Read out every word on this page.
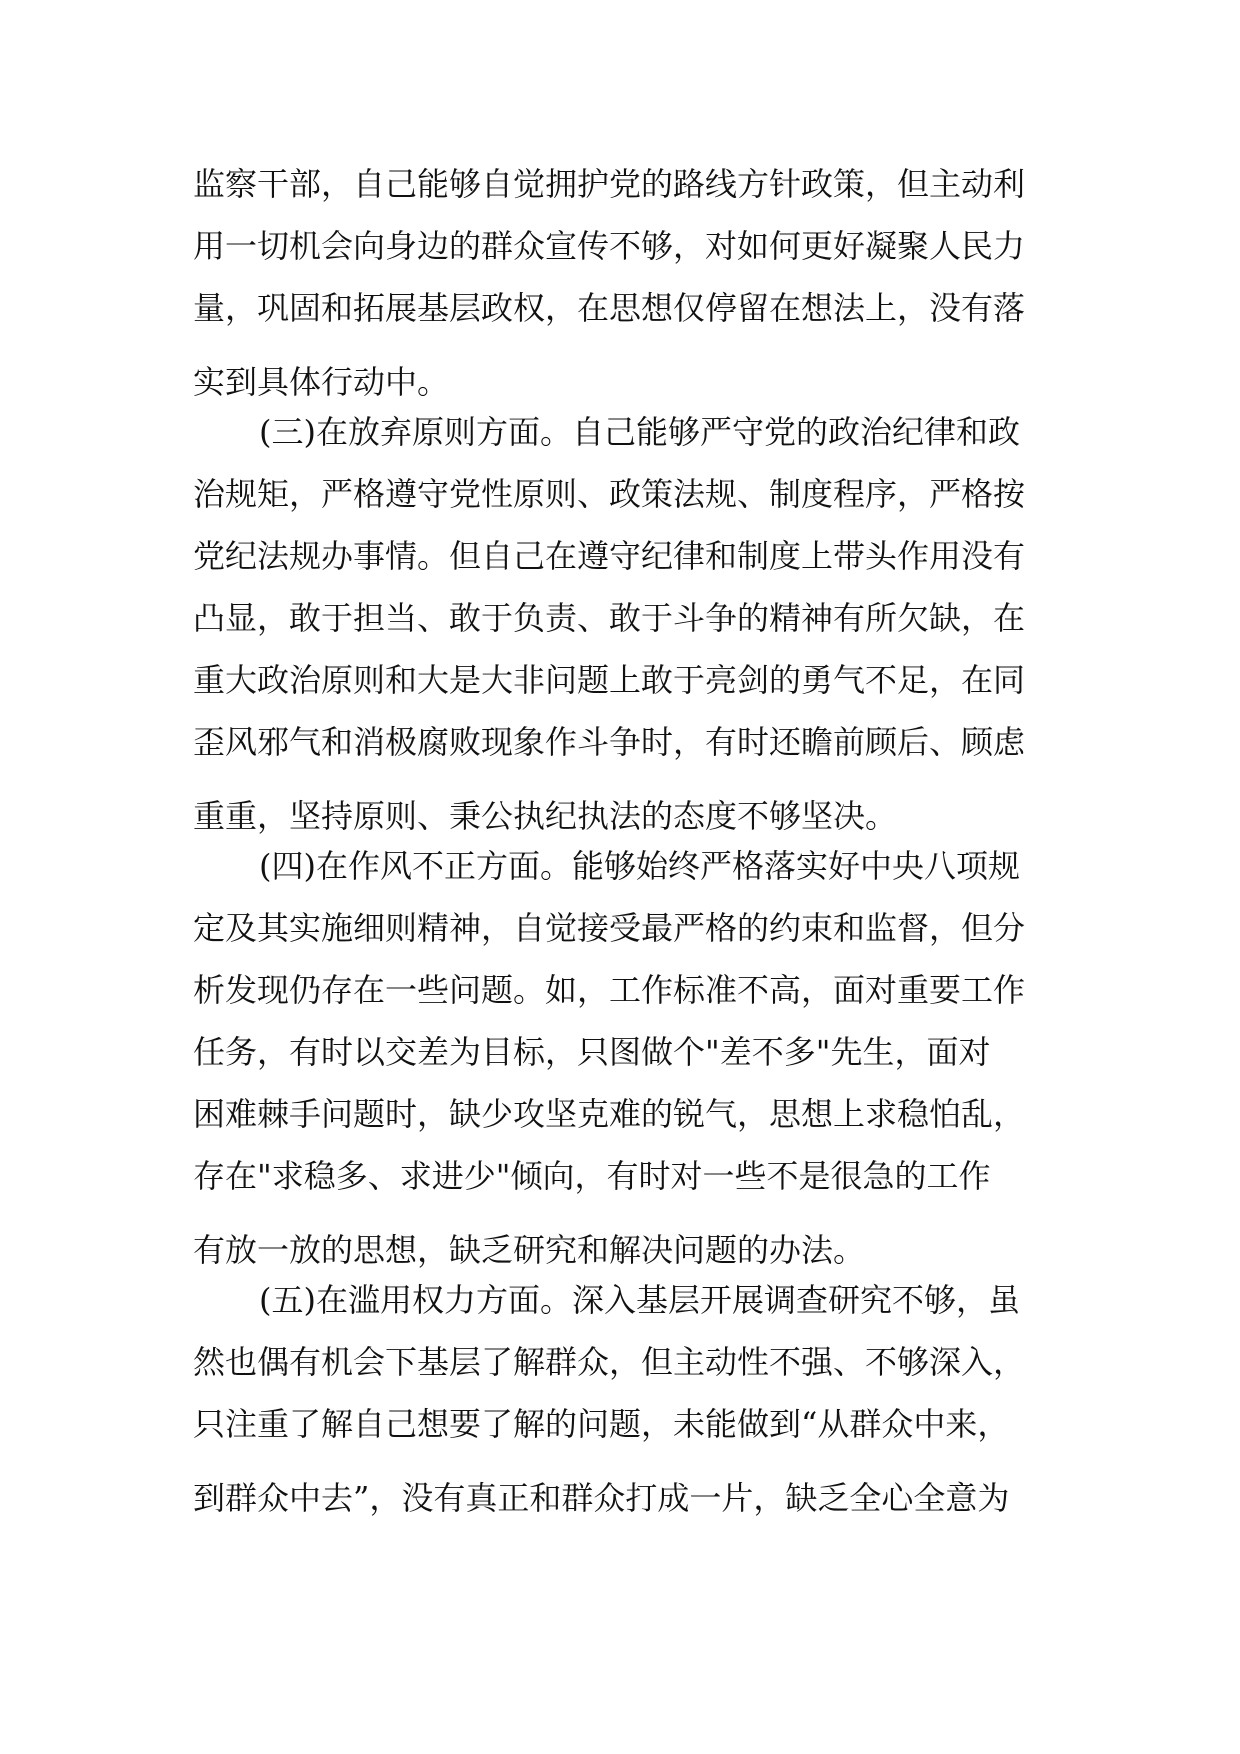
监察干部，自己能够自觉拥护党的路线方针政策，但主动利
用一切机会向身边的群众宣传不够，对如何更好凝聚人民力
量，巩固和拓展基层政权，在思想仅停留在想法上，没有落
实到具体行动中。
(三)在放弃原则方面。自己能够严守党的政治纪律和政
治规矩，严格遵守党性原则、政策法规、制度程序，严格按
党纪法规办事情。但自己在遵守纪律和制度上带头作用没有
凸显，敢于担当、敢于负责、敢于斗争的精神有所欠缺，在
重大政治原则和大是大非问题上敢于亮剑的勇气不足，在同
歪风邪气和消极腐败现象作斗争时，有时还瞻前顾后、顾虑
重重，坚持原则、秉公执纪执法的态度不够坚决。
(四)在作风不正方面。能够始终严格落实好中央八项规
定及其实施细则精神，自觉接受最严格的约束和监督，但分
析发现仍存在一些问题。如，工作标准不高，面对重要工作
任务，有时以交差为目标，只图做个"差不多"先生，面对
困难棘手问题时，缺少攻坚克难的锐气，思想上求稳怕乱，
存在"求稳多、求进少"倾向，有时对一些不是很急的工作
有放一放的思想，缺乏研究和解决问题的办法。
(五)在滥用权力方面。深入基层开展调查研究不够，虽
然也偶有机会下基层了解群众，但主动性不强、不够深入，
只注重了解自己想要了解的问题，未能做到“从群众中来，
到群众中去”，没有真正和群众打成一片，缺乏全心全意为
